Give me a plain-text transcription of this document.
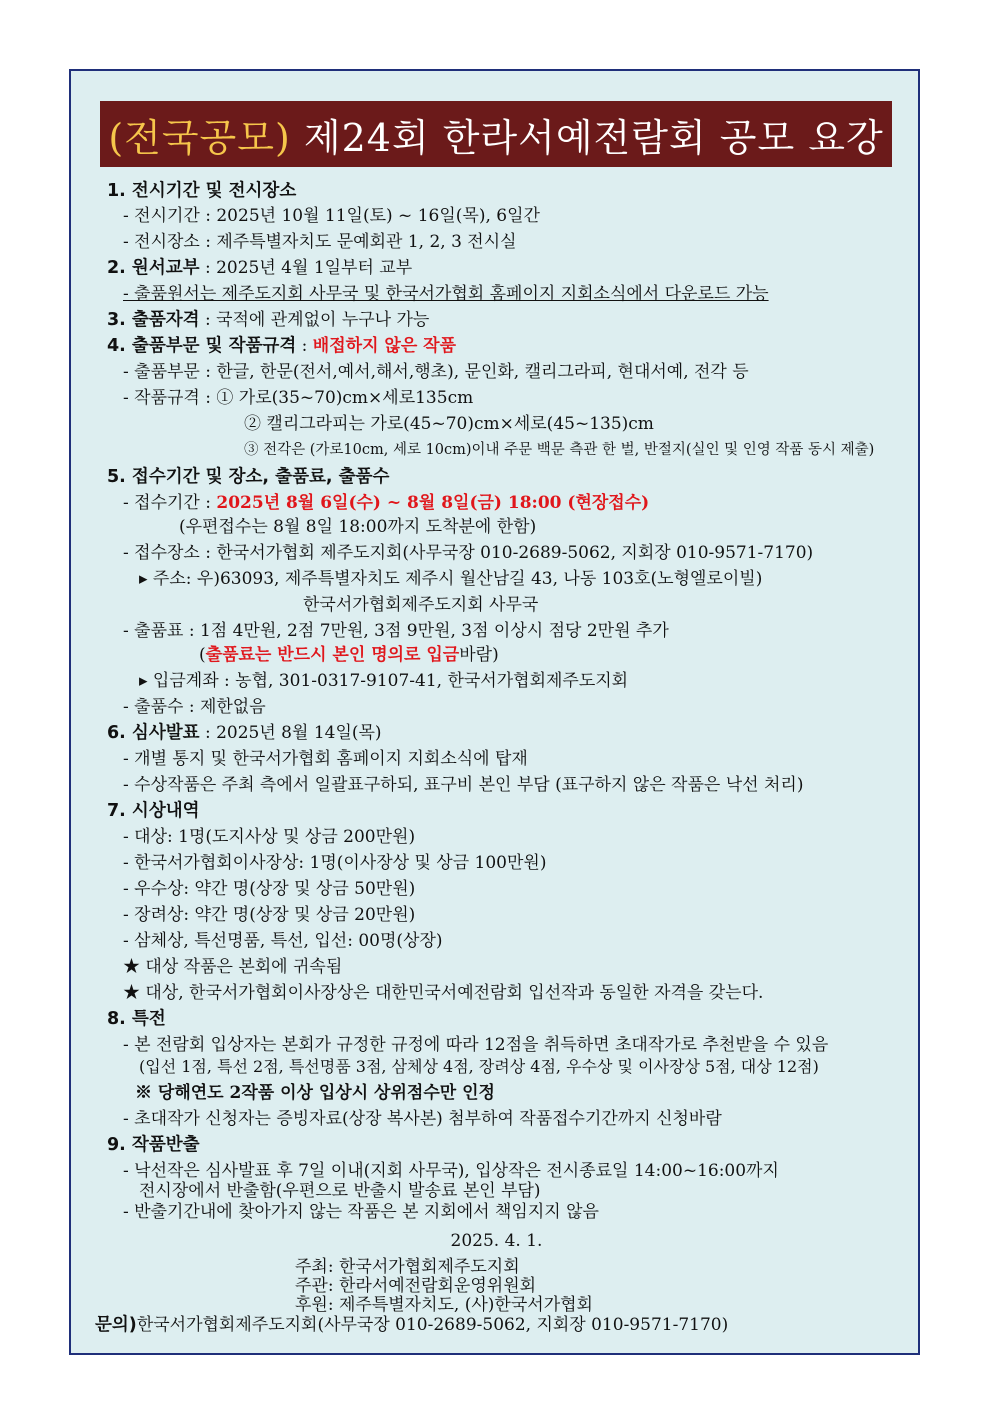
(전국공모) 제24회 한라서예전람회 공모 요강
1. 전시기간 및 전시장소
- 전시기간 : 2025년 10월 11일(토) ~ 16일(목), 6일간
- 전시장소 : 제주특별자치도 문예회관 1, 2, 3 전시실
2. 원서교부 : 2025년 4월 1일부터 교부
- 출품원서는 제주도지회 사무국 및 한국서가협회 홈페이지 지회소식에서 다운로드 가능
3. 출품자격 : 국적에 관계없이 누구나 가능
4. 출품부문 및 작품규격 : 배접하지 않은 작품
- 출품부문 : 한글, 한문(전서,예서,해서,행초), 문인화, 캘리그라피, 현대서예, 전각 등
- 작품규격 : ① 가로(35~70)cm×세로135cm
② 캘리그라피는 가로(45~70)cm×세로(45~135)cm
③ 전각은 (가로10cm, 세로 10cm)이내 주문 백문 측관 한 벌, 반절지(실인 및 인영 작품 동시 제출)
5. 접수기간 및 장소, 출품료, 출품수
- 접수기간 : 2025년 8월 6일(수) ~ 8월 8일(금) 18:00 (현장접수)
(우편접수는 8월 8일 18:00까지 도착분에 한함)
- 접수장소 : 한국서가협회 제주도지회(사무국장 010-2689-5062, 지회장 010-9571-7170)
▸ 주소: 우)63093, 제주특별자치도 제주시 월산남길 43, 나동 103호(노형엘로이빌)
한국서가협회제주도지회 사무국
- 출품표 : 1점 4만원, 2점 7만원, 3점 9만원, 3점 이상시 점당 2만원 추가
(출품료는 반드시 본인 명의로 입금바람)
▸ 입금계좌 : 농협, 301-0317-9107-41, 한국서가협회제주도지회
- 출품수 : 제한없음
6. 심사발표 : 2025년 8월 14일(목)
- 개별 통지 및 한국서가협회 홈페이지 지회소식에 탑재
- 수상작품은 주최 측에서 일괄표구하되, 표구비 본인 부담 (표구하지 않은 작품은 낙선 처리)
7. 시상내역
- 대상: 1명(도지사상 및 상금 200만원)
- 한국서가협회이사장상: 1명(이사장상 및 상금 100만원)
- 우수상: 약간 명(상장 및 상금 50만원)
- 장려상: 약간 명(상장 및 상금 20만원)
- 삼체상, 특선명품, 특선, 입선: 00명(상장)
★ 대상 작품은 본회에 귀속됨
★ 대상, 한국서가협회이사장상은 대한민국서예전람회 입선작과 동일한 자격을 갖는다.
8. 특전
- 본 전람회 입상자는 본회가 규정한 규정에 따라 12점을 취득하면 초대작가로 추천받을 수 있음
(입선 1점, 특선 2점, 특선명품 3점, 삼체상 4점, 장려상 4점, 우수상 및 이사장상 5점, 대상 12점)
※ 당해연도 2작품 이상 입상시 상위점수만 인정
- 초대작가 신청자는 증빙자료(상장 복사본) 첨부하여 작품접수기간까지 신청바람
9. 작품반출
- 낙선작은 심사발표 후 7일 이내(지회 사무국), 입상작은 전시종료일 14:00~16:00까지
전시장에서 반출함(우편으로 반출시 발송료 본인 부담)
- 반출기간내에 찾아가지 않는 작품은 본 지회에서 책임지지 않음
2025. 4. 1.
주최: 한국서가협회제주도지회
주관: 한라서예전람회운영위원회
후원: 제주특별자치도, (사)한국서가협회
문의)한국서가협회제주도지회(사무국장 010-2689-5062, 지회장 010-9571-7170)
